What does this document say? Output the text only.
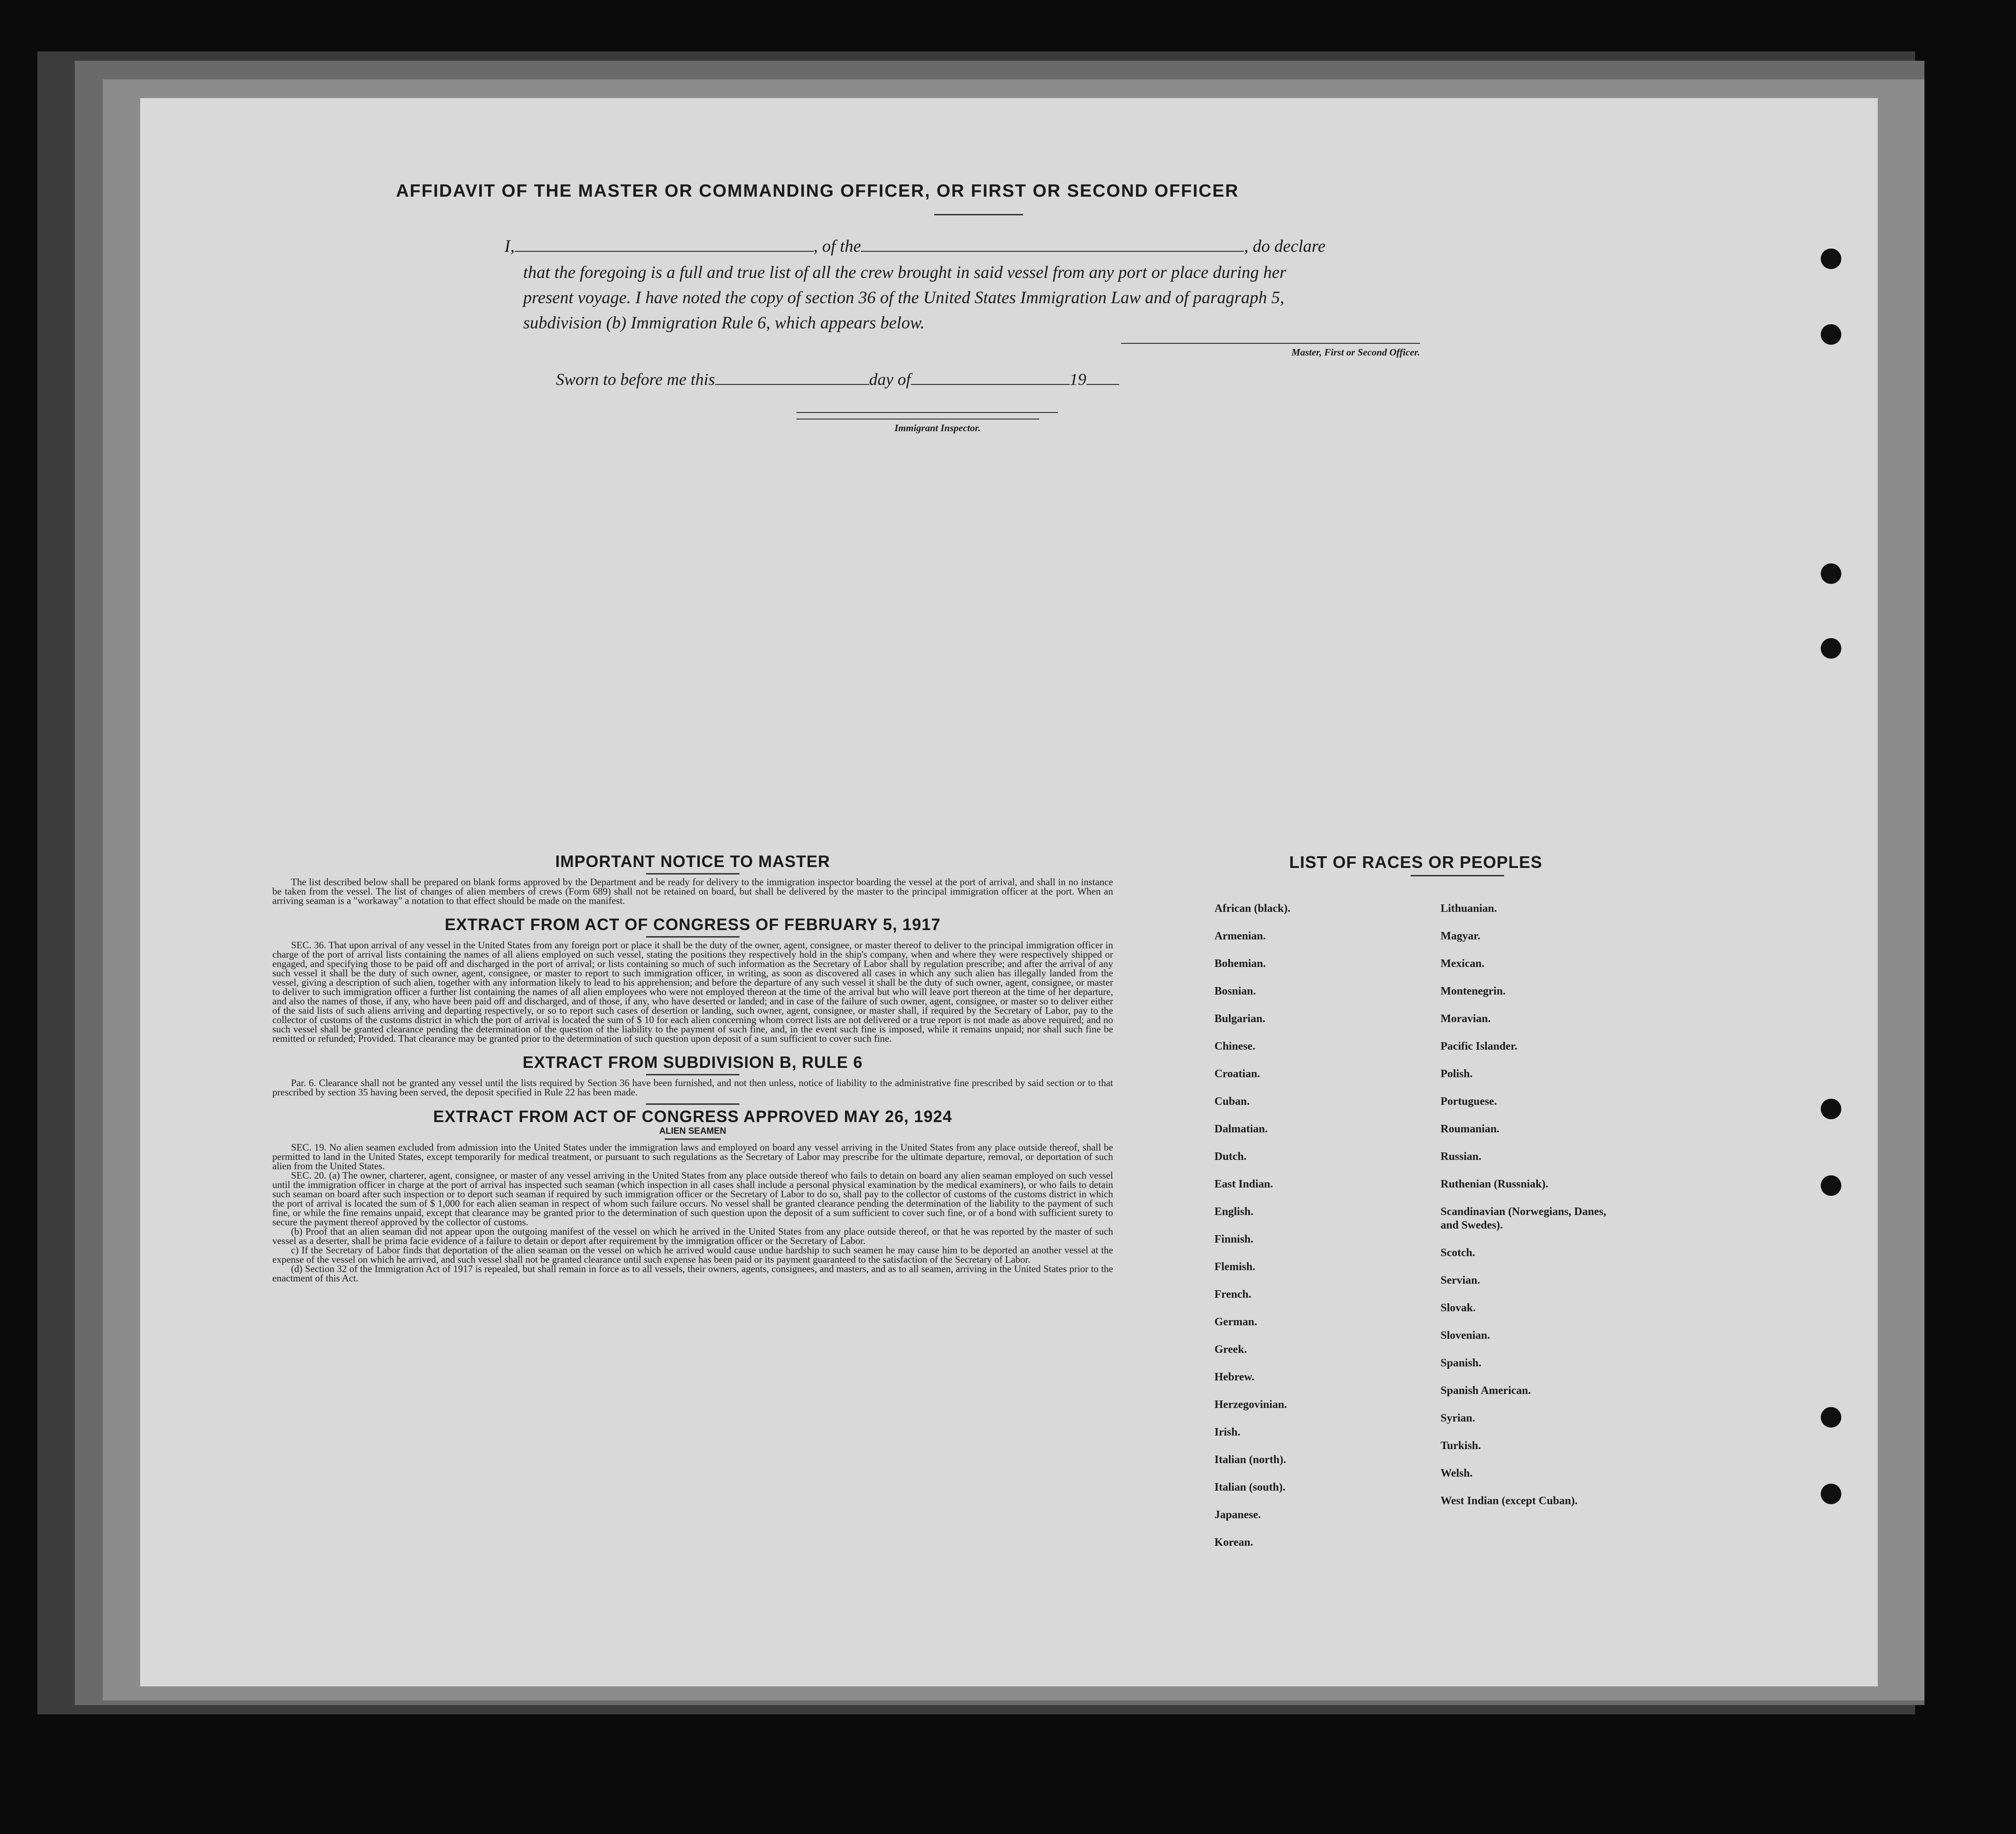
AFFIDAVIT OF THE MASTER OR COMMANDING OFFICER, OR FIRST OR SECOND OFFICER
I,	, of the	, do declare
that the foregoing is a full and true list of all the crew brought in said vessel from any port or place during her
present voyage. I have noted the copy of section 36 of the United States Immigration Law and of paragraph 5,
subdivision (b) Immigration Rule 6, which appears below.
Master, First or Second Officer.
Sworn to before me this	day of	19
Immigrant Inspector.
IMPORTANT NOTICE TO MASTER

The list described below shall be prepared on blank forms approved by the Department and be ready for delivery to the immigration inspector boarding the vessel at the port of arrival, and shall in no instance be taken from the vessel. The list of changes of alien members of crews (Form 689) shall not be retained on board, but shall be delivered by the master to the principal immigration officer at the port. When an arriving seaman is a "workaway" a notation to that effect should be made on the manifest.

EXTRACT FROM ACT OF CONGRESS OF FEBRUARY 5, 1917

SEC. 36. That upon arrival of any vessel in the United States from any foreign port or place it shall be the duty of the owner, agent, consignee, or master thereof to deliver to the principal immigration officer in charge of the port of arrival lists containing the names of all aliens employed on such vessel, stating the positions they respectively hold in the ship's company, when and where they were respectively shipped or engaged, and specifying those to be paid off and discharged in the port of arrival; or lists containing so much of such information as the Secretary of Labor shall by regulation prescribe; and after the arrival of any such vessel it shall be the duty of such owner, agent, consignee, or master to report to such immigration officer, in writing, as soon as discovered all cases in which any such alien has illegally landed from the vessel, giving a description of such alien, together with any information likely to lead to his apprehension; and before the departure of any such vessel it shall be the duty of such owner, agent, consignee, or master to deliver to such immigration officer a further list containing the names of all alien employees who were not employed thereon at the time of the arrival but who will leave port thereon at the time of her departure, and also the names of those, if any, who have been paid off and discharged, and of those, if any, who have deserted or landed; and in case of the failure of such owner, agent, consignee, or master so to deliver either of the said lists of such aliens arriving and departing respectively, or so to report such cases of desertion or landing, such owner, agent, consignee, or master shall, if required by the Secretary of Labor, pay to the collector of customs of the customs district in which the port of arrival is located the sum of $ 10 for each alien concerning whom correct lists are not delivered or a true report is not made as above required; and no such vessel shall be granted clearance pending the determination of the question of the liability to the payment of such fine, and, in the event such fine is imposed, while it remains unpaid; nor shall such fine be remitted or refunded; Provided. That clearance may be granted prior to the determination of such question upon deposit of a sum sufficient to cover such fine.

EXTRACT FROM SUBDIVISION B, RULE 6

Par. 6. Clearance shall not be granted any vessel until the lists required by Section 36 have been furnished, and not then unless, notice of liability to the administrative fine prescribed by said section or to that prescribed by section 35 having been served, the deposit specified in Rule 22 has been made.

EXTRACT FROM ACT OF CONGRESS APPROVED MAY 26, 1924
ALIEN SEAMEN

SEC. 19. No alien seamen excluded from admission into the United States under the immigration laws and employed on board any vessel arriving in the United States from any place outside thereof, shall be permitted to land in the United States, except temporarily for medical treatment, or pursuant to such regulations as the Secretary of Labor may prescribe for the ultimate departure, removal, or deportation of such alien from the United States.

SEC. 20. (a) The owner, charterer, agent, consignee, or master of any vessel arriving in the United States from any place outside thereof who fails to detain on board any alien seaman employed on such vessel until the immigration officer in charge at the port of arrival has inspected such seaman (which inspection in all cases shall include a personal physical examination by the medical examiners), or who fails to detain such seaman on board after such inspection or to deport such seaman if required by such immigration officer or the Secretary of Labor to do so, shall pay to the collector of customs of the customs district in which the port of arrival is located the sum of $ 1,000 for each alien seaman in respect of whom such failure occurs. No vessel shall be granted clearance pending the determination of the liability to the payment of such fine, or while the fine remains unpaid, except that clearance may be granted prior to the determination of such question upon the deposit of a sum sufficient to cover such fine, or of a bond with sufficient surety to secure the payment thereof approved by the collector of customs.

(b) Proof that an alien seaman did not appear upon the outgoing manifest of the vessel on which he arrived in the United States from any place outside thereof, or that he was reported by the master of such vessel as a deserter, shall be prima facie evidence of a failure to detain or deport after requirement by the immigration officer or the Secretary of Labor.

c) If the Secretary of Labor finds that deportation of the alien seaman on the vessel on which he arrived would cause undue hardship to such seamen he may cause him to be deported an another vessel at the expense of the vessel on which he arrived, and such vessel shall not be granted clearance until such expense has been paid or its payment guaranteed to the satisfaction of the Secretary of Labor.

(d) Section 32 of the Immigration Act of 1917 is repealed, but shall remain in force as to all vessels, their owners, agents, consignees, and masters, and as to all seamen, arriving in the United States prior to the enactment of this Act.

LIST OF RACES OR PEOPLES
African (black).
Armenian.
Bohemian.
Bosnian.
Bulgarian.
Chinese.
Croatian.
Cuban.
Dalmatian.
Dutch.
East Indian.
English.
Finnish.
Flemish.
French.
German.
Greek.
Hebrew.
Herzegovinian.
Irish.
Italian (north).
Italian (south).
Japanese.
Korean.
Lithuanian.
Magyar.
Mexican.
Montenegrin.
Moravian.
Pacific Islander.
Polish.
Portuguese.
Roumanian.
Russian.
Ruthenian (Russniak).
Scandinavian (Norwegians, Danes, and Swedes).
Scotch.
Servian.
Slovak.
Slovenian.
Spanish.
Spanish American.
Syrian.
Turkish.
Welsh.
West Indian (except Cuban).
